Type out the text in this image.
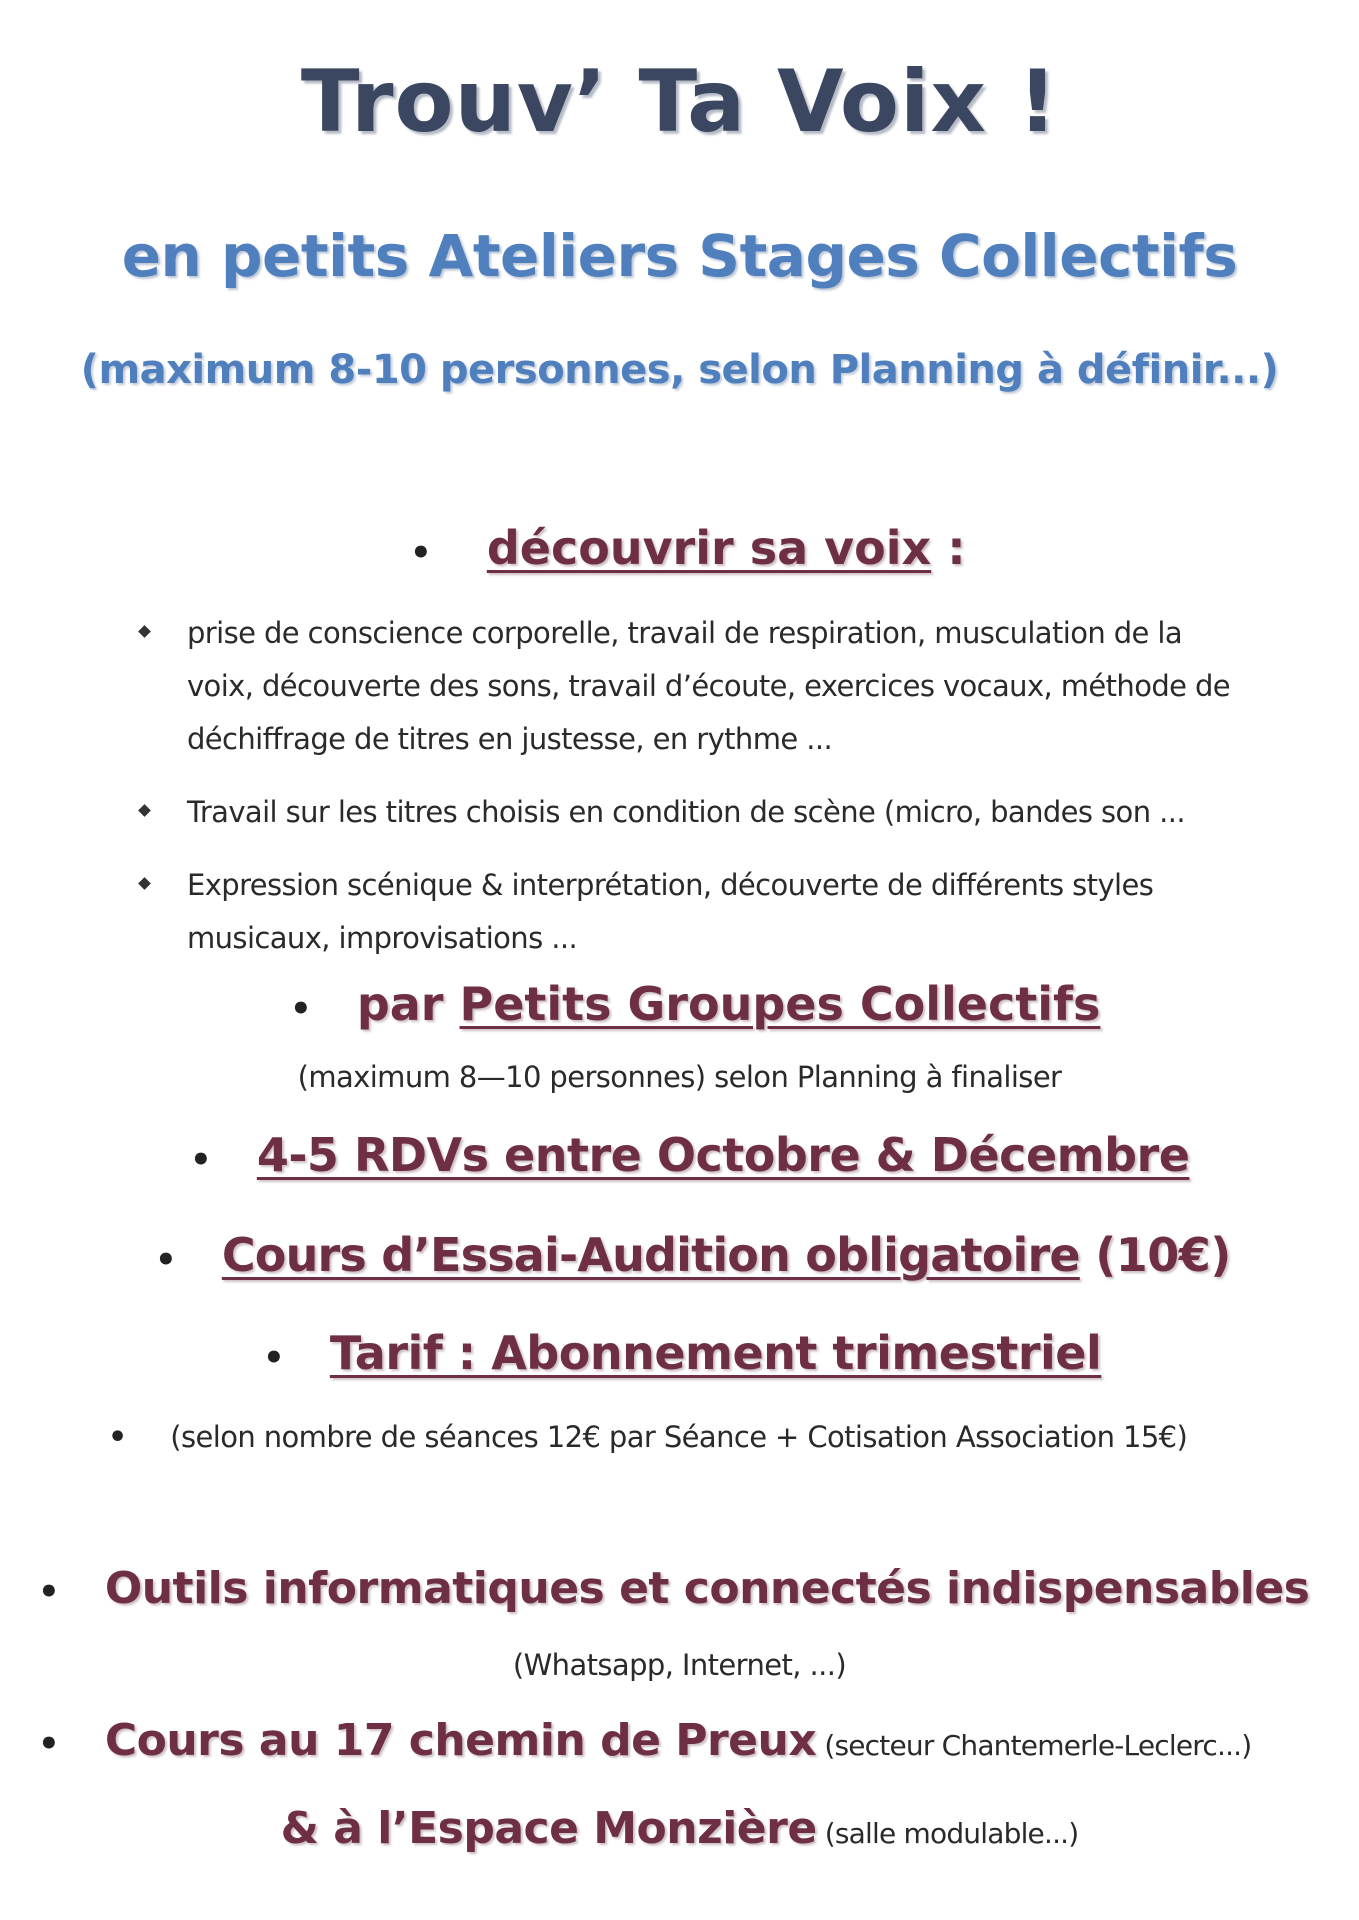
Trouv’ Ta Voix !
en petits Ateliers Stages Collectifs
(maximum 8-10 personnes, selon Planning à définir...)
• découvrir sa voix :
prise de conscience corporelle, travail de respiration, musculation de la voix, découverte des sons, travail d’écoute, exercices vocaux, méthode de déchiffrage de titres en justesse, en rythme ...
Travail sur les titres choisis en condition de scène (micro, bandes son ...
Expression scénique & interprétation, découverte de différents styles musicaux, improvisations ...
• par Petits Groupes Collectifs
(maximum 8—10 personnes) selon Planning à finaliser
• 4-5 RDVs entre Octobre & Décembre
• Cours d’Essai-Audition obligatoire (10€)
• Tarif : Abonnement trimestriel
• (selon nombre de séances 12€ par Séance + Cotisation Association 15€)
• Outils informatiques et connectés indispensables
(Whatsapp, Internet, ...)
• Cours au 17 chemin de Preux (secteur Chantemerle-Leclerc...)
& à l’Espace Monzière (salle modulable...)
